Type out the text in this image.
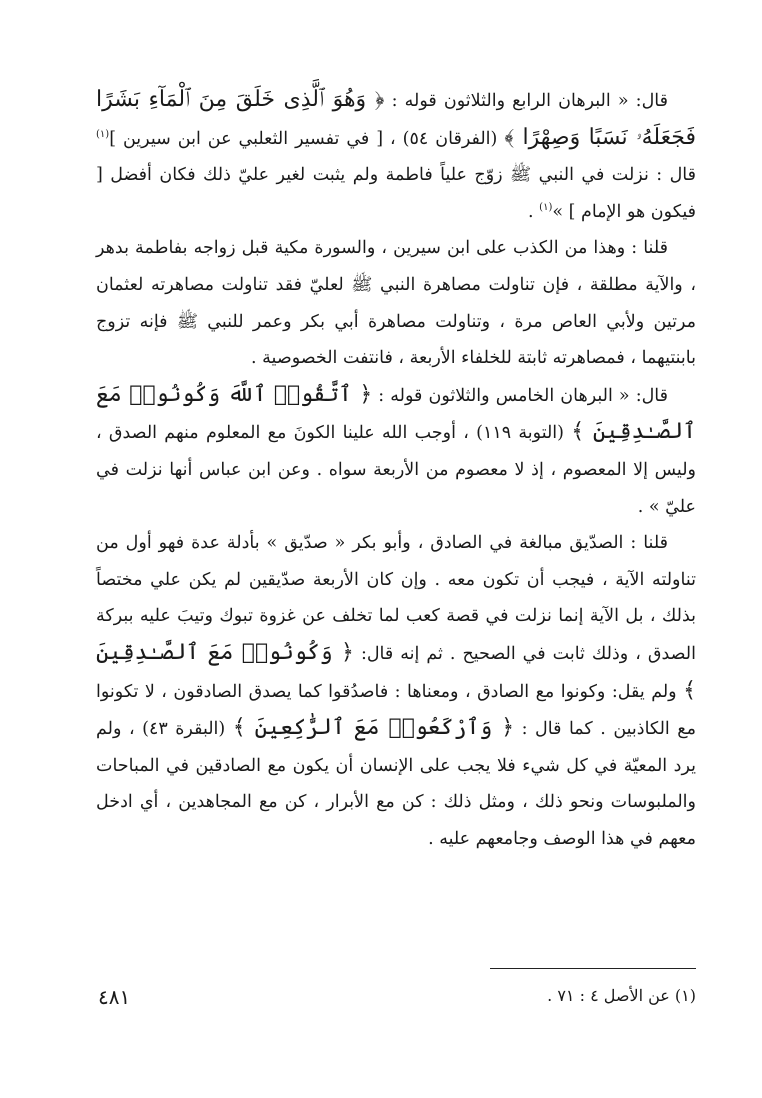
قال: « البرهان الرابع والثلاثون قوله : ﴿ وَهُوَ ٱلَّذِى خَلَقَ مِنَ ٱلْمَآءِ بَشَرًا فَجَعَلَهُۥ نَسَبًا وَصِهْرًا ﴾ (الفرقان ٥٤) ، [ في تفسير الثعلبي عن ابن سيرين ]$^{(١)}$ قال : نزلت في النبي ﷺ زوّج علياً فاطمة ولم يثبت لغير عليّ ذلك فكان أفضل [ فيكون هو الإمام ] »$^{(١)}$ .

قلنا : وهذا من الكذب على ابن سيرين ، والسورة مكية قبل زواجه بفاطمة بدهر ، والآية مطلقة ، فإن تناولت مصاهرة النبي ﷺ لعليّ فقد تناولت مصاهرته لعثمان مرتين ولأبي العاص مرة ، وتناولت مصاهرة أبي بكر وعمر للنبي ﷺ فإنه تزوج بابنتيهما ، فمصاهرته ثابتة للخلفاء الأربعة ، فانتفت الخصوصية .

قال: « البرهان الخامس والثلاثون قوله : ﴿ ٱتَّقُوا۟ ٱللَّهَ وَكُونُوا۟ مَعَ ٱلصَّـٰدِقِينَ ﴾ (التوبة ١١٩) ، أوجب الله علينا الكونَ مع المعلوم منهم الصدق ، وليس إلا المعصوم ، إذ لا معصوم من الأربعة سواه . وعن ابن عباس أنها نزلت في عليّ » .

قلنا : الصدّيق مبالغة في الصادق ، وأبو بكر « صدّيق » بأدلة عدة فهو أول من تناولته الآية ، فيجب أن تكون معه . وإن كان الأربعة صدّيقين لم يكن علي مختصاً بذلك ، بل الآية إنما نزلت في قصة كعب لما تخلف عن غزوة تبوك وتيبَ عليه ببركة الصدق ، وذلك ثابت في الصحيح . ثم إنه قال: ﴿ وَكُونُوا۟ مَعَ ٱلصَّـٰدِقِينَ ﴾ ولم يقل: وكونوا مع الصادق ، ومعناها : فاصدُقوا كما يصدق الصادقون ، لا تكونوا مع الكاذبين . كما قال : ﴿ وَٱرْكَعُوا۟ مَعَ ٱلرَّٰكِعِينَ ﴾ (البقرة ٤٣) ، ولم يرد المعيّة في كل شيء فلا يجب على الإنسان أن يكون مع الصادقين في المباحات والملبوسات ونحو ذلك ، ومثل ذلك : كن مع الأبرار ، كن مع المجاهدين ، أي ادخل معهم في هذا الوصف وجامعهم عليه .

(١) عن الأصل ٤ : ٧١ .
٤٨١
